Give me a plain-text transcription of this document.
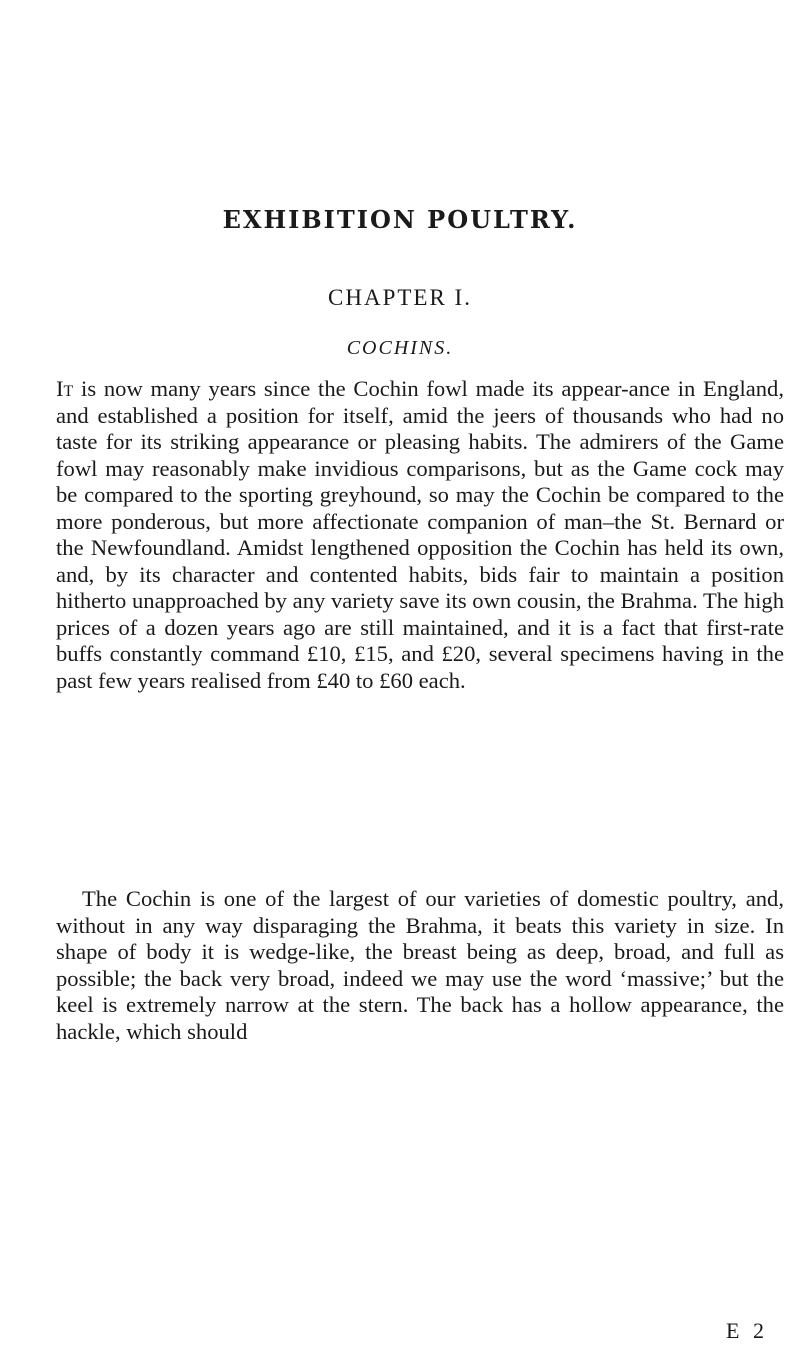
EXHIBITION POULTRY.
CHAPTER I.
COCHINS.
It is now many years since the Cochin fowl made its appear-ance in England, and established a position for itself, amid the jeers of thousands who had no taste for its striking appearance or pleasing habits. The admirers of the Game fowl may reasonably make invidious comparisons, but as the Game cock may be compared to the sporting greyhound, so may the Cochin be compared to the more ponderous, but more affectionate companion of man–the St. Bernard or the Newfoundland. Amidst lengthened opposition the Cochin has held its own, and, by its character and contented habits, bids fair to maintain a position hitherto unapproached by any variety save its own cousin, the Brahma. The high prices of a dozen years ago are still maintained, and it is a fact that first-rate buffs constantly command £10, £15, and £20, several specimens having in the past few years realised from £40 to £60 each.
The Cochin is one of the largest of our varieties of domestic poultry, and, without in any way disparaging the Brahma, it beats this variety in size. In shape of body it is wedge-like, the breast being as deep, broad, and full as possible; the back very broad, indeed we may use the word ‘massive;’ but the keel is extremely narrow at the stern. The back has a hollow appearance, the hackle, which should
E 2
